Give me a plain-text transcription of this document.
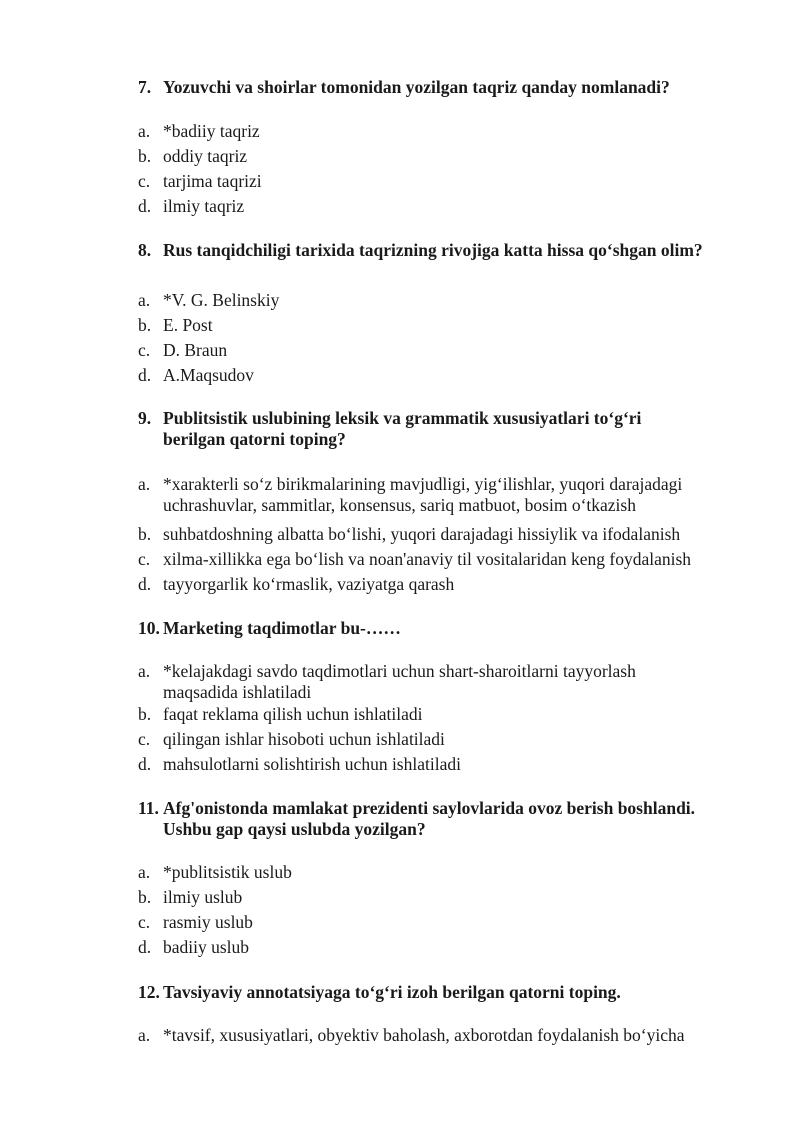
7. Yozuvchi va shoirlar tomonidan yozilgan taqriz qanday nomlanadi?
a. *badiiy taqriz
b. oddiy taqriz
c. tarjima taqrizi
d. ilmiy taqriz
8. Rus tanqidchiligi tarixida taqrizning rivojiga katta hissa qo‘shgan olim?
a. *V. G. Belinskiy
b. E. Post
c. D. Braun
d. A.Maqsudov
9. Publitsistik uslubining leksik va grammatik xususiyatlari to‘g‘ri berilgan qatorni toping?
a. *xarakterli so‘z birikmalarining mavjudligi, yig‘ilishlar, yuqori darajadagi uchrashuvlar, sammitlar, konsensus, sariq matbuot, bosim o‘tkazish
b. suhbatdoshning albatta bo‘lishi, yuqori darajadagi hissiylik va ifodalanish
c. xilma-xillikka ega bo‘lish va noan'anaviy til vositalaridan keng foydalanish
d. tayyorgarlik ko‘rmaslik, vaziyatga qarash
10. Marketing taqdimotlar bu-……
a. *kelajakdagi savdo taqdimotlari uchun shart-sharoitlarni tayyorlash maqsadida ishlatiladi
b. faqat reklama qilish uchun ishlatiladi
c. qilingan ishlar hisoboti uchun ishlatiladi
d. mahsulotlarni solishtirish uchun ishlatiladi
11. Afg'onistonda mamlakat prezidenti saylovlarida ovoz berish boshlandi. Ushbu gap qaysi uslubda yozilgan?
a. *publitsistik uslub
b. ilmiy uslub
c. rasmiy uslub
d. badiiy uslub
12. Tavsiyaviy annotatsiyaga to‘g‘ri izoh berilgan qatorni toping.
a. *tavsif, xususiyatlari, obyektiv baholash, axborotdan foydalanish bo‘yicha
